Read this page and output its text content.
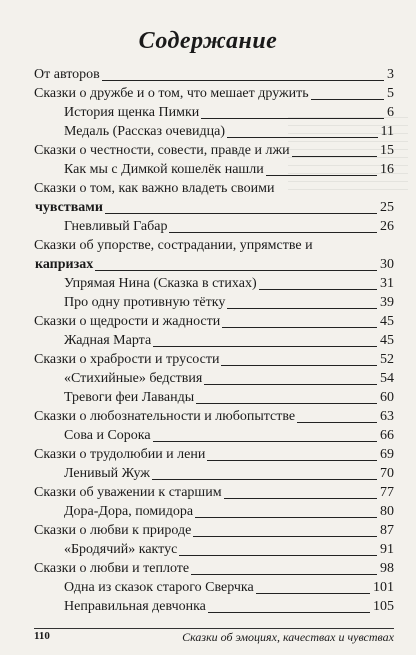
Содержание
От авторов	3
Сказки о дружбе и о том, что мешает дружить	5
История щенка Пимки	6
Медаль (Рассказ очевидца)	11
Сказки о честности, совести, правде и лжи	15
Как мы с Димкой кошелёк нашли	16
Сказки о том, как важно владеть своими
чувствами	25
Гневливый Габар	26
Сказки об упорстве, сострадании, упрямстве и
капризах	30
Упрямая Нина (Сказка в стихах)	31
Про одну противную тётку	39
Сказки о щедрости и жадности	45
Жадная Марта	45
Сказки о храбрости и трусости	52
«Стихийные» бедствия	54
Тревоги феи Лаванды	60
Сказки о любознательности и любопытстве	63
Сова и Сорока	66
Сказки о трудолюбии и лени	69
Ленивый Жуж	70
Сказки об уважении к старшим	77
Дора-Дора, помидора	80
Сказки о любви к природе	87
«Бродячий» кактус	91
Сказки о любви и теплоте	98
Одна из сказок старого Сверчка	101
Неправильная девчонка	105
110	Сказки об эмоциях, качествах и чувствах
